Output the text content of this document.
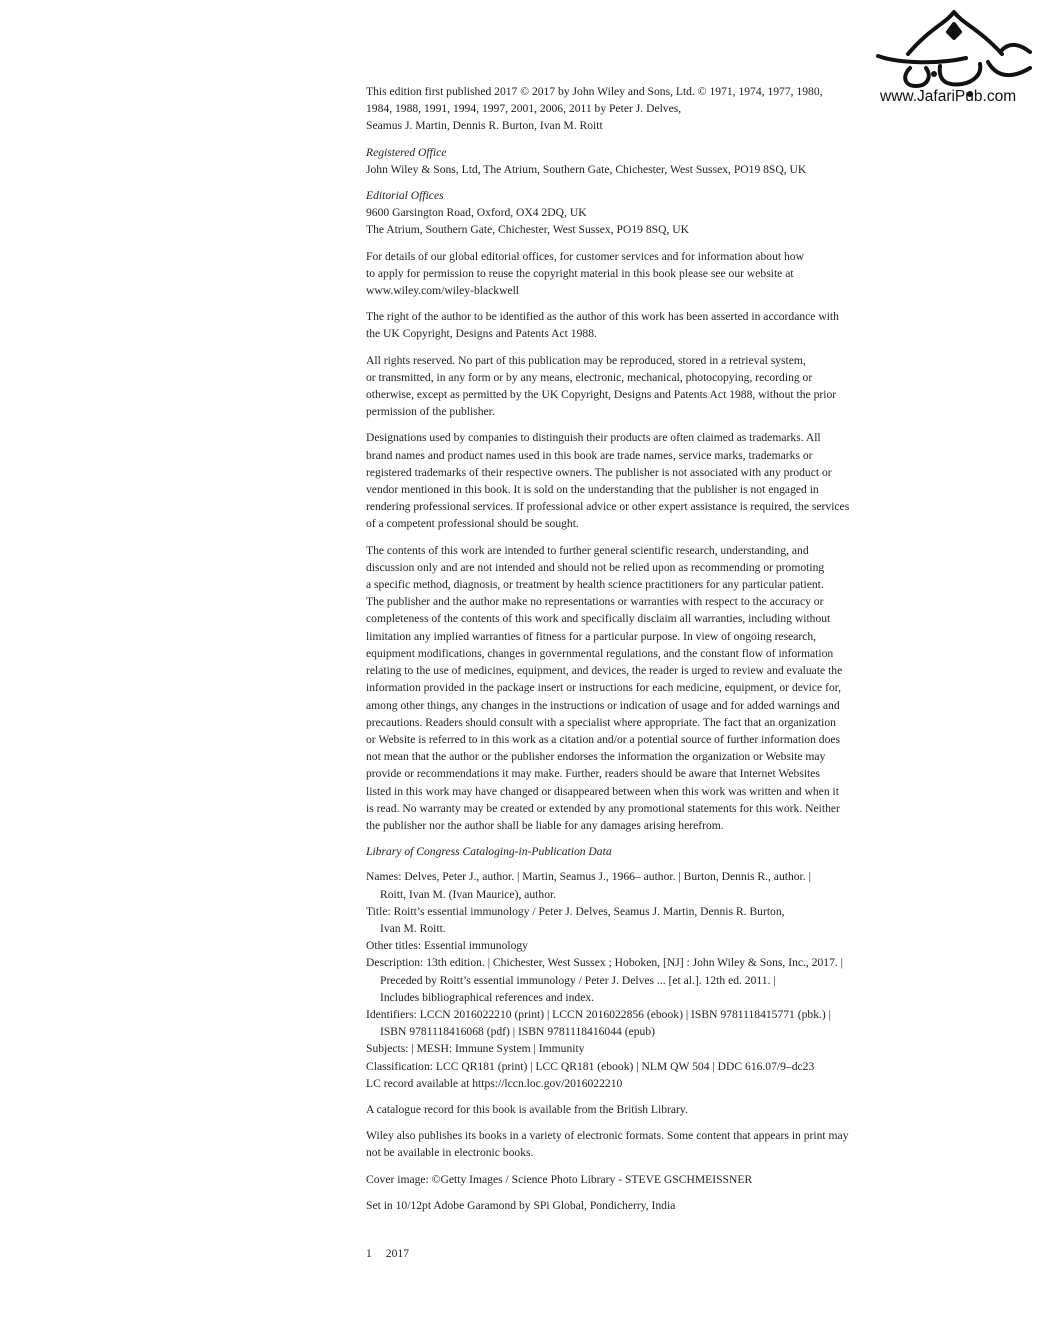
www.JafariPub.com
This edition first published 2017 © 2017 by John Wiley and Sons, Ltd. © 1971, 1974, 1977, 1980,
1984, 1988, 1991, 1994, 1997, 2001, 2006, 2011 by Peter J. Delves,
Seamus J. Martin, Dennis R. Burton, Ivan M. Roitt
Registered Office
John Wiley & Sons, Ltd, The Atrium, Southern Gate, Chichester, West Sussex, PO19 8SQ, UK
Editorial Offices
9600 Garsington Road, Oxford, OX4 2DQ, UK
The Atrium, Southern Gate, Chichester, West Sussex, PO19 8SQ, UK
For details of our global editorial offices, for customer services and for information about how
to apply for permission to reuse the copyright material in this book please see our website at
www.wiley.com/wiley-blackwell
The right of the author to be identified as the author of this work has been asserted in accordance with
the UK Copyright, Designs and Patents Act 1988.
All rights reserved. No part of this publication may be reproduced, stored in a retrieval system,
or transmitted, in any form or by any means, electronic, mechanical, photocopying, recording or
otherwise, except as permitted by the UK Copyright, Designs and Patents Act 1988, without the prior
permission of the publisher.
Designations used by companies to distinguish their products are often claimed as trademarks. All
brand names and product names used in this book are trade names, service marks, trademarks or
registered trademarks of their respective owners. The publisher is not associated with any product or
vendor mentioned in this book. It is sold on the understanding that the publisher is not engaged in
rendering professional services. If professional advice or other expert assistance is required, the services
of a competent professional should be sought.
The contents of this work are intended to further general scientific research, understanding, and
discussion only and are not intended and should not be relied upon as recommending or promoting
a specific method, diagnosis, or treatment by health science practitioners for any particular patient.
The publisher and the author make no representations or warranties with respect to the accuracy or
completeness of the contents of this work and specifically disclaim all warranties, including without
limitation any implied warranties of fitness for a particular purpose. In view of ongoing research,
equipment modifications, changes in governmental regulations, and the constant flow of information
relating to the use of medicines, equipment, and devices, the reader is urged to review and evaluate the
information provided in the package insert or instructions for each medicine, equipment, or device for,
among other things, any changes in the instructions or indication of usage and for added warnings and
precautions. Readers should consult with a specialist where appropriate. The fact that an organization
or Website is referred to in this work as a citation and/or a potential source of further information does
not mean that the author or the publisher endorses the information the organization or Website may
provide or recommendations it may make. Further, readers should be aware that Internet Websites
listed in this work may have changed or disappeared between when this work was written and when it
is read. No warranty may be created or extended by any promotional statements for this work. Neither
the publisher nor the author shall be liable for any damages arising herefrom.
Library of Congress Cataloging-in-Publication Data
Names: Delves, Peter J., author. | Martin, Seamus J., 1966– author. | Burton, Dennis R., author. |
Roitt, Ivan M. (Ivan Maurice), author.
Title: Roitt’s essential immunology / Peter J. Delves, Seamus J. Martin, Dennis R. Burton,
Ivan M. Roitt.
Other titles: Essential immunology
Description: 13th edition. | Chichester, West Sussex ; Hoboken, [NJ] : John Wiley & Sons, Inc., 2017. |
Preceded by Roitt’s essential immunology / Peter J. Delves ... [et al.]. 12th ed. 2011. |
Includes bibliographical references and index.
Identifiers: LCCN 2016022210 (print) | LCCN 2016022856 (ebook) | ISBN 9781118415771 (pbk.) |
ISBN 9781118416068 (pdf) | ISBN 9781118416044 (epub)
Subjects: | MESH: Immune System | Immunity
Classification: LCC QR181 (print) | LCC QR181 (ebook) | NLM QW 504 | DDC 616.07/9–dc23
LC record available at https://lccn.loc.gov/2016022210
A catalogue record for this book is available from the British Library.
Wiley also publishes its books in a variety of electronic formats. Some content that appears in print may
not be available in electronic books.
Cover image: ©Getty Images / Science Photo Library - STEVE GSCHMEISSNER
Set in 10/12pt Adobe Garamond by SPi Global, Pondicherry, India
1 2017
